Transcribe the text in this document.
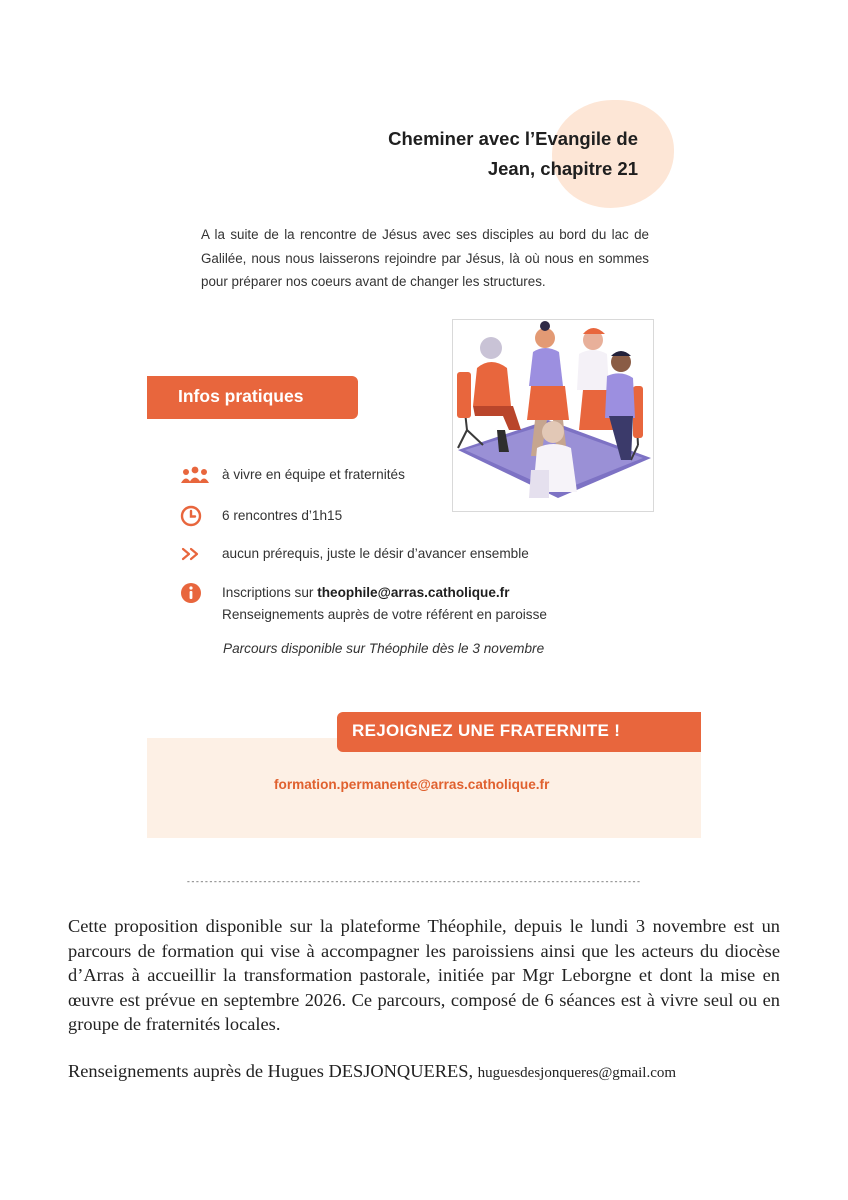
Cheminer avec l’Evangile de
Jean, chapitre 21
A la suite de la rencontre de Jésus avec ses disciples au bord du lac de Galilée, nous nous laisserons rejoindre par Jésus, là où nous en sommes pour préparer nos coeurs avant de changer les structures.
Infos pratiques
à vivre en équipe et fraternités
6 rencontres d’1h15
aucun prérequis, juste le désir d’avancer ensemble
Inscriptions sur theophile@arras.catholique.fr
Renseignements auprès de votre référent en paroisse
Parcours disponible sur Théophile dès le 3 novembre
REJOIGNEZ UNE FRATERNITE !
formation.permanente@arras.catholique.fr
-----------------------------------------------------------------------------------------------------
Cette proposition disponible sur la plateforme Théophile, depuis le lundi 3 novembre est un parcours de formation qui vise à accompagner les paroissiens ainsi que les acteurs du diocèse d’Arras à accueillir la transformation pastorale, initiée par Mgr Leborgne et dont la mise en œuvre est prévue en septembre 2026. Ce parcours, composé de 6 séances est à vivre seul ou en groupe de fraternités locales.
Renseignements auprès de Hugues DESJONQUERES, huguesdesjonqueres@gmail.com
